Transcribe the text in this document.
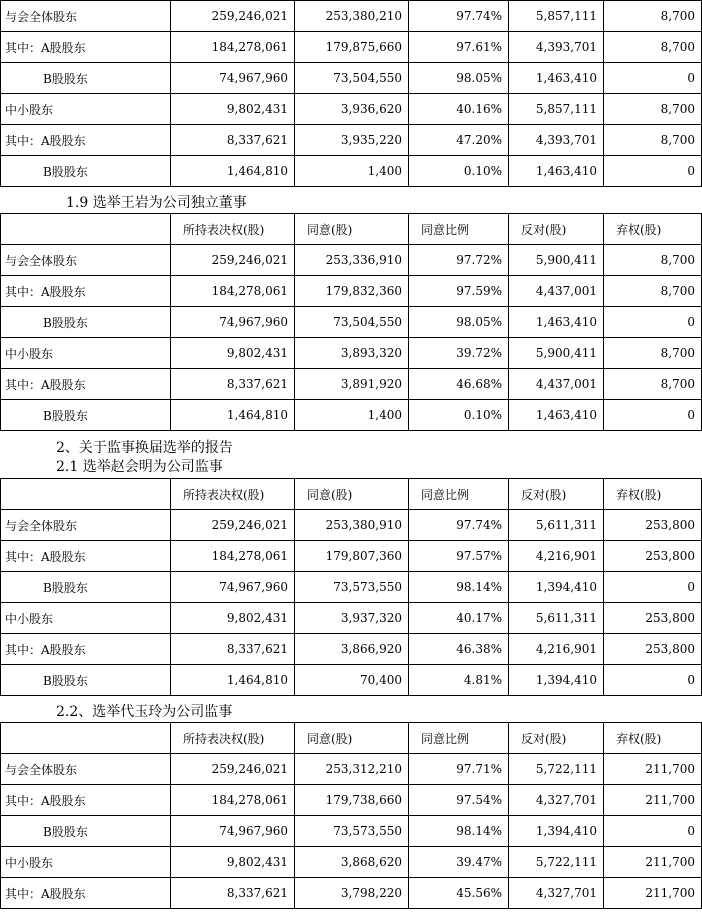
与会全体股东	259,246,021	253,380,210	97.74%	5,857,111	8,700
其中：A股股东	184,278,061	179,875,660	97.61%	4,393,701	8,700
B股股东	74,967,960	73,504,550	98.05%	1,463,410	0
中小股东	9,802,431	3,936,620	40.16%	5,857,111	8,700
其中：A股股东	8,337,621	3,935,220	47.20%	4,393,701	8,700
B股股东	1,464,810	1,400	0.10%	1,463,410	0
1.9 选举王岩为公司独立董事
	所持表决权(股)	同意(股)	同意比例	反对(股)	弃权(股)
与会全体股东	259,246,021	253,336,910	97.72%	5,900,411	8,700
其中：A股股东	184,278,061	179,832,360	97.59%	4,437,001	8,700
B股股东	74,967,960	73,504,550	98.05%	1,463,410	0
中小股东	9,802,431	3,893,320	39.72%	5,900,411	8,700
其中：A股股东	8,337,621	3,891,920	46.68%	4,437,001	8,700
B股股东	1,464,810	1,400	0.10%	1,463,410	0
2、关于监事换届选举的报告
2.1 选举赵会明为公司监事
	所持表决权(股)	同意(股)	同意比例	反对(股)	弃权(股)
与会全体股东	259,246,021	253,380,910	97.74%	5,611,311	253,800
其中：A股股东	184,278,061	179,807,360	97.57%	4,216,901	253,800
B股股东	74,967,960	73,573,550	98.14%	1,394,410	0
中小股东	9,802,431	3,937,320	40.17%	5,611,311	253,800
其中：A股股东	8,337,621	3,866,920	46.38%	4,216,901	253,800
B股股东	1,464,810	70,400	4.81%	1,394,410	0
2.2、选举代玉玲为公司监事
	所持表决权(股)	同意(股)	同意比例	反对(股)	弃权(股)
与会全体股东	259,246,021	253,312,210	97.71%	5,722,111	211,700
其中：A股股东	184,278,061	179,738,660	97.54%	4,327,701	211,700
B股股东	74,967,960	73,573,550	98.14%	1,394,410	0
中小股东	9,802,431	3,868,620	39.47%	5,722,111	211,700
其中：A股股东	8,337,621	3,798,220	45.56%	4,327,701	211,700
